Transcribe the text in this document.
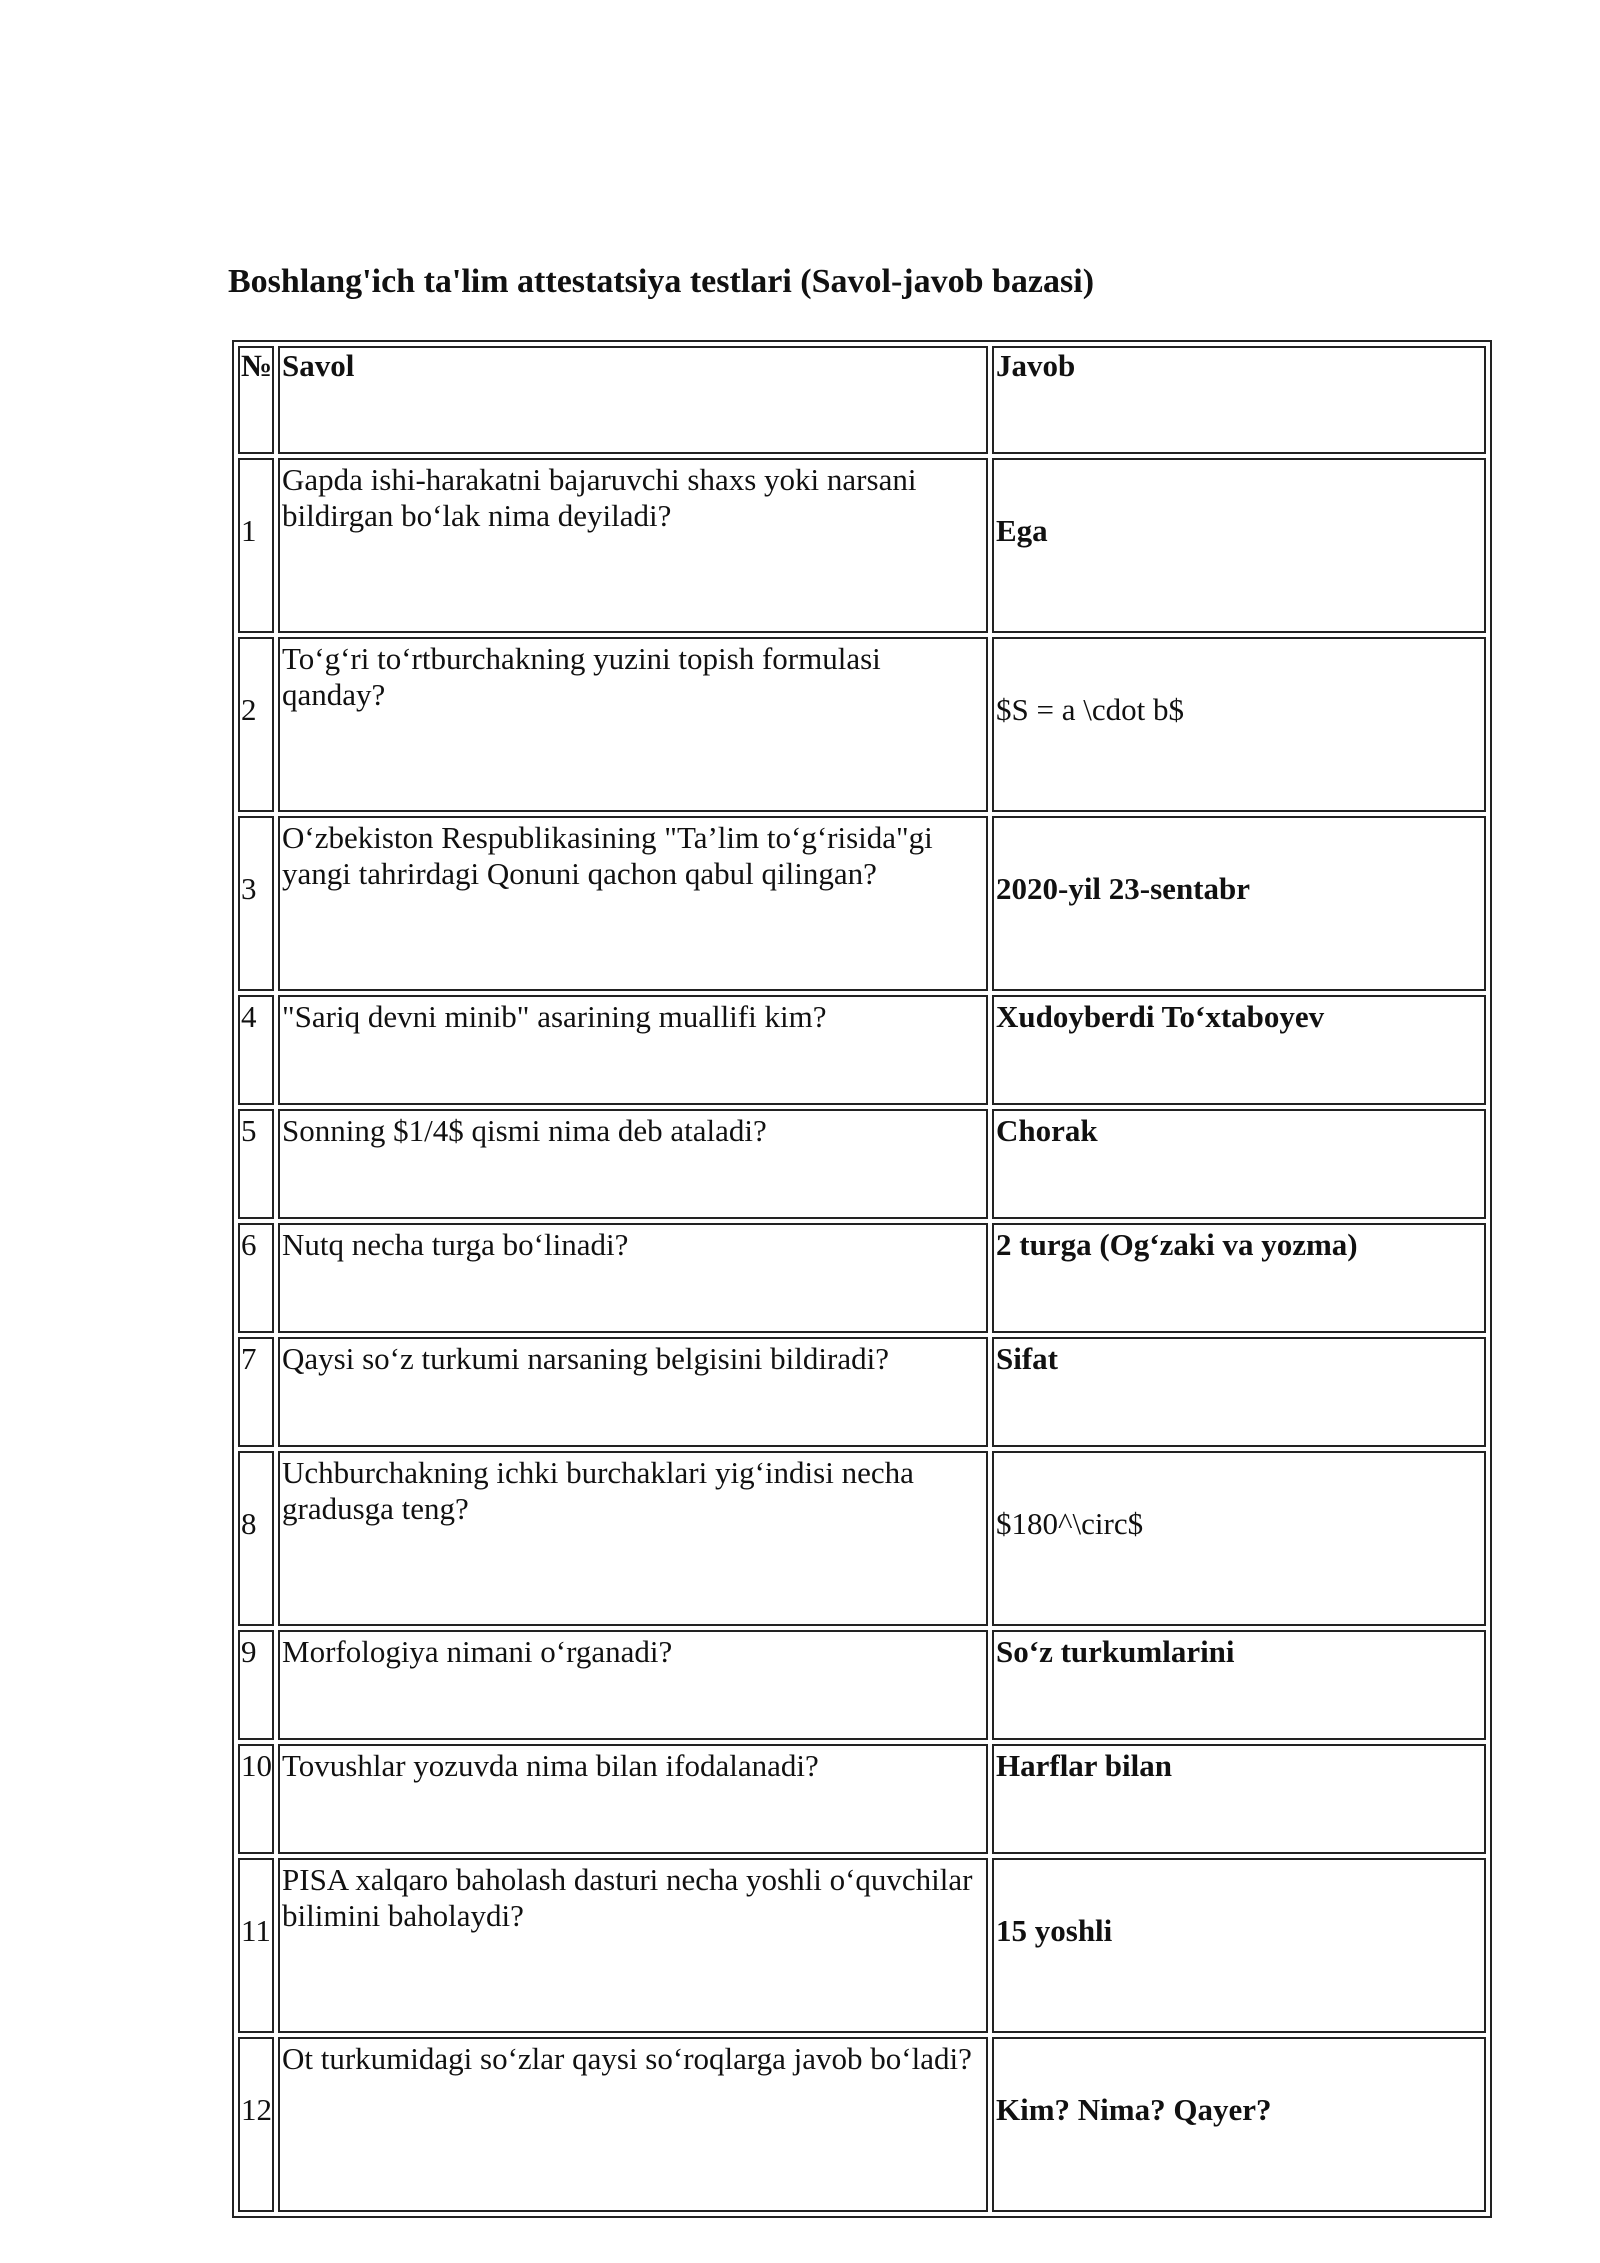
Boshlang'ich ta'lim attestatsiya testlari (Savol-javob bazasi)
№	Savol	Javob
1	Gapda ishi-harakatni bajaruvchi shaxs yoki narsani bildirgan bo‘lak nima deyiladi?	Ega
2	To‘g‘ri to‘rtburchakning yuzini topish formulasi qanday?	$S = a \cdot b$
3	O‘zbekiston Respublikasining "Ta’lim to‘g‘risida"gi yangi tahrirdagi Qonuni qachon qabul qilingan?	2020-yil 23-sentabr
4	"Sariq devni minib" asarining muallifi kim?	Xudoyberdi To‘xtaboyev
5	Sonning $1/4$ qismi nima deb ataladi?	Chorak
6	Nutq necha turga bo‘linadi?	2 turga (Og‘zaki va yozma)
7	Qaysi so‘z turkumi narsaning belgisini bildiradi?	Sifat
8	Uchburchakning ichki burchaklari yig‘indisi necha gradusga teng?	$180^\circ$
9	Morfologiya nimani o‘rganadi?	So‘z turkumlarini
10	Tovushlar yozuvda nima bilan ifodalanadi?	Harflar bilan
11	PISA xalqaro baholash dasturi necha yoshli o‘quvchilar bilimini baholaydi?	15 yoshli
12	Ot turkumidagi so‘zlar qaysi so‘roqlarga javob bo‘ladi?	Kim? Nima? Qayer?
